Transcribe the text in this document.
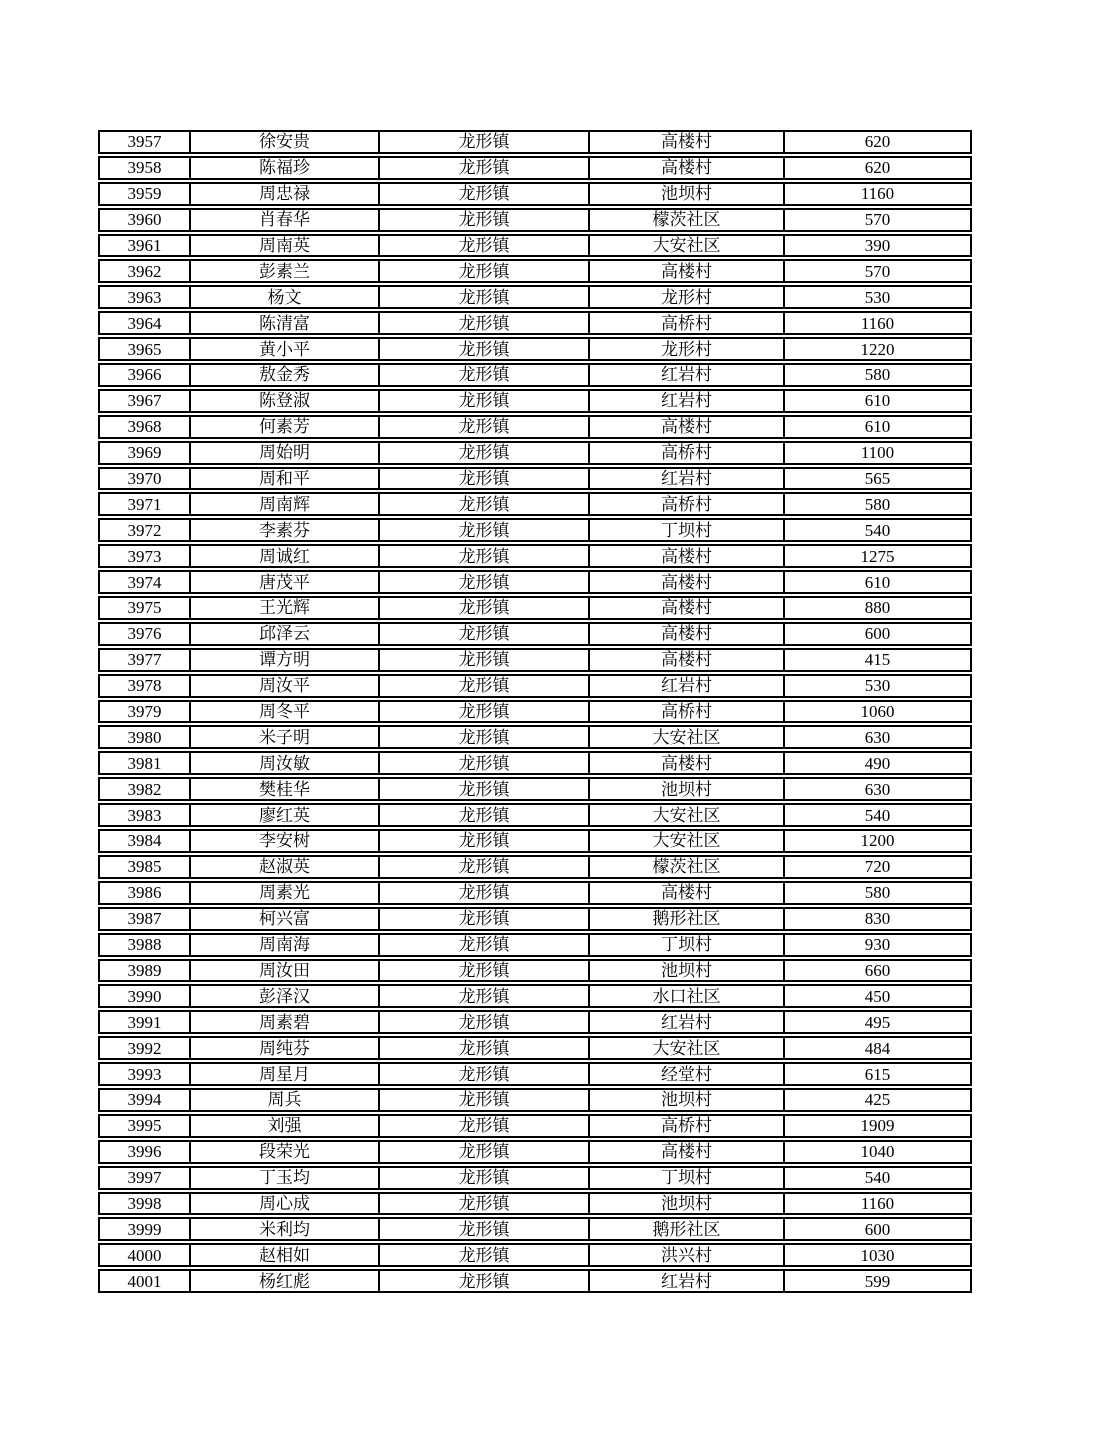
3957	徐安贵	龙形镇	高楼村	620
3958	陈福珍	龙形镇	高楼村	620
3959	周忠禄	龙形镇	池坝村	1160
3960	肖春华	龙形镇	檬茨社区	570
3961	周南英	龙形镇	大安社区	390
3962	彭素兰	龙形镇	高楼村	570
3963	杨文	龙形镇	龙形村	530
3964	陈清富	龙形镇	高桥村	1160
3965	黄小平	龙形镇	龙形村	1220
3966	敖金秀	龙形镇	红岩村	580
3967	陈登淑	龙形镇	红岩村	610
3968	何素芳	龙形镇	高楼村	610
3969	周始明	龙形镇	高桥村	1100
3970	周和平	龙形镇	红岩村	565
3971	周南辉	龙形镇	高桥村	580
3972	李素芬	龙形镇	丁坝村	540
3973	周诚红	龙形镇	高楼村	1275
3974	唐茂平	龙形镇	高楼村	610
3975	王光辉	龙形镇	高楼村	880
3976	邱泽云	龙形镇	高楼村	600
3977	谭方明	龙形镇	高楼村	415
3978	周汝平	龙形镇	红岩村	530
3979	周冬平	龙形镇	高桥村	1060
3980	米子明	龙形镇	大安社区	630
3981	周汝敏	龙形镇	高楼村	490
3982	樊桂华	龙形镇	池坝村	630
3983	廖红英	龙形镇	大安社区	540
3984	李安树	龙形镇	大安社区	1200
3985	赵淑英	龙形镇	檬茨社区	720
3986	周素光	龙形镇	高楼村	580
3987	柯兴富	龙形镇	鹅形社区	830
3988	周南海	龙形镇	丁坝村	930
3989	周汝田	龙形镇	池坝村	660
3990	彭泽汉	龙形镇	水口社区	450
3991	周素碧	龙形镇	红岩村	495
3992	周纯芬	龙形镇	大安社区	484
3993	周星月	龙形镇	经堂村	615
3994	周兵	龙形镇	池坝村	425
3995	刘强	龙形镇	高桥村	1909
3996	段荣光	龙形镇	高楼村	1040
3997	丁玉均	龙形镇	丁坝村	540
3998	周心成	龙形镇	池坝村	1160
3999	米利均	龙形镇	鹅形社区	600
4000	赵相如	龙形镇	洪兴村	1030
4001	杨红彪	龙形镇	红岩村	599
